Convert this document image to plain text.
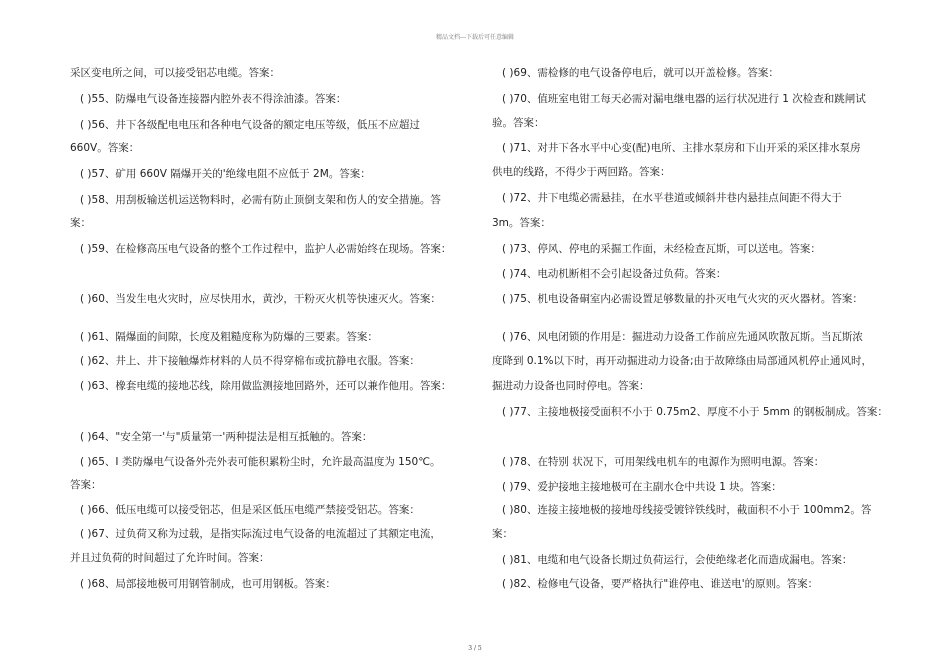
精品文档---下载后可任意编辑
采区变电所之间，可以接受铝芯电缆。答案：
( )55、防爆电气设备连接器内腔外表不得涂油漆。答案：
( )56、井下各级配电电压和各种电气设备的额定电压等级，低压不应超过
660V。答案：
( )57、矿用 660V 隔爆开关的'绝缘电阻不应低于 2M。答案：
( )58、用刮板输送机运送物料时，必需有防止顶倒支架和伤人的安全措施。答
案：
( )59、在检修高压电气设备的整个工作过程中，监护人必需始终在现场。答案：
( )60、当发生电火灾时，应尽快用水，黄沙，干粉灭火机等快速灭火。答案：
( )61、隔爆面的间隙，长度及粗糙度称为防爆的三要素。答案：
( )62、井上、井下接触爆炸材料的人员不得穿棉布或抗静电衣服。答案：
( )63、橡套电缆的接地芯线，除用做监测接地回路外，还可以兼作他用。答案：
( )64、"安全第一'与"质量第一'两种提法是相互抵触的。答案：
( )65、I 类防爆电气设备外壳外表可能积累粉尘时，允许最高温度为 150℃。
答案：
( )66、低压电缆可以接受铝芯，但是采区低压电缆严禁接受铝芯。答案：
( )67、过负荷又称为过载，是指实际流过电气设备的电流超过了其额定电流，
并且过负荷的时间超过了允许时间。答案：
( )68、局部接地极可用钢管制成，也可用钢板。答案：
( )69、需检修的电气设备停电后，就可以开盖检修。答案：
( )70、值班室电钳工每天必需对漏电继电器的运行状况进行 1 次检查和跳闸试
验。答案：
( )71、对井下各水平中心变(配)电所、主排水泵房和下山开采的采区排水泵房
供电的线路，不得少于两回路。答案：
( )72、井下电缆必需悬挂，在水平巷道或倾斜井巷内悬挂点间距不得大于
3m。答案：
( )73、停风、停电的采掘工作面，未经检查瓦斯，可以送电。答案：
( )74、电动机断相不会引起设备过负荷。答案：
( )75、机电设备硐室内必需设置足够数量的扑灭电气火灾的灭火器材。答案：
( )76、风电闭锁的作用是：掘进动力设备工作前应先通风吹散瓦斯。当瓦斯浓
度降到 0.1%以下时，再开动掘进动力设备;由于故障绦由局部通风机停止通风时，
掘进动力设备也同时停电。答案：
( )77、主接地极接受面积不小于 0.75m2、厚度不小于 5mm 的钢板制成。答案：
( )78、在特别 状况下，可用架线电机车的电源作为照明电源。答案：
( )79、爱护接地主接地极可在主副水仓中共设 1 块。答案：
( )80、连接主接地极的接地母线接受镀锌铁线时，截面积不小于 100mm2。答
案：
( )81、电缆和电气设备长期过负荷运行，会使绝缘老化而造成漏电。答案：
( )82、检修电气设备，要严格执行"谁停电、谁送电'的原则。答案：
3 / 5
